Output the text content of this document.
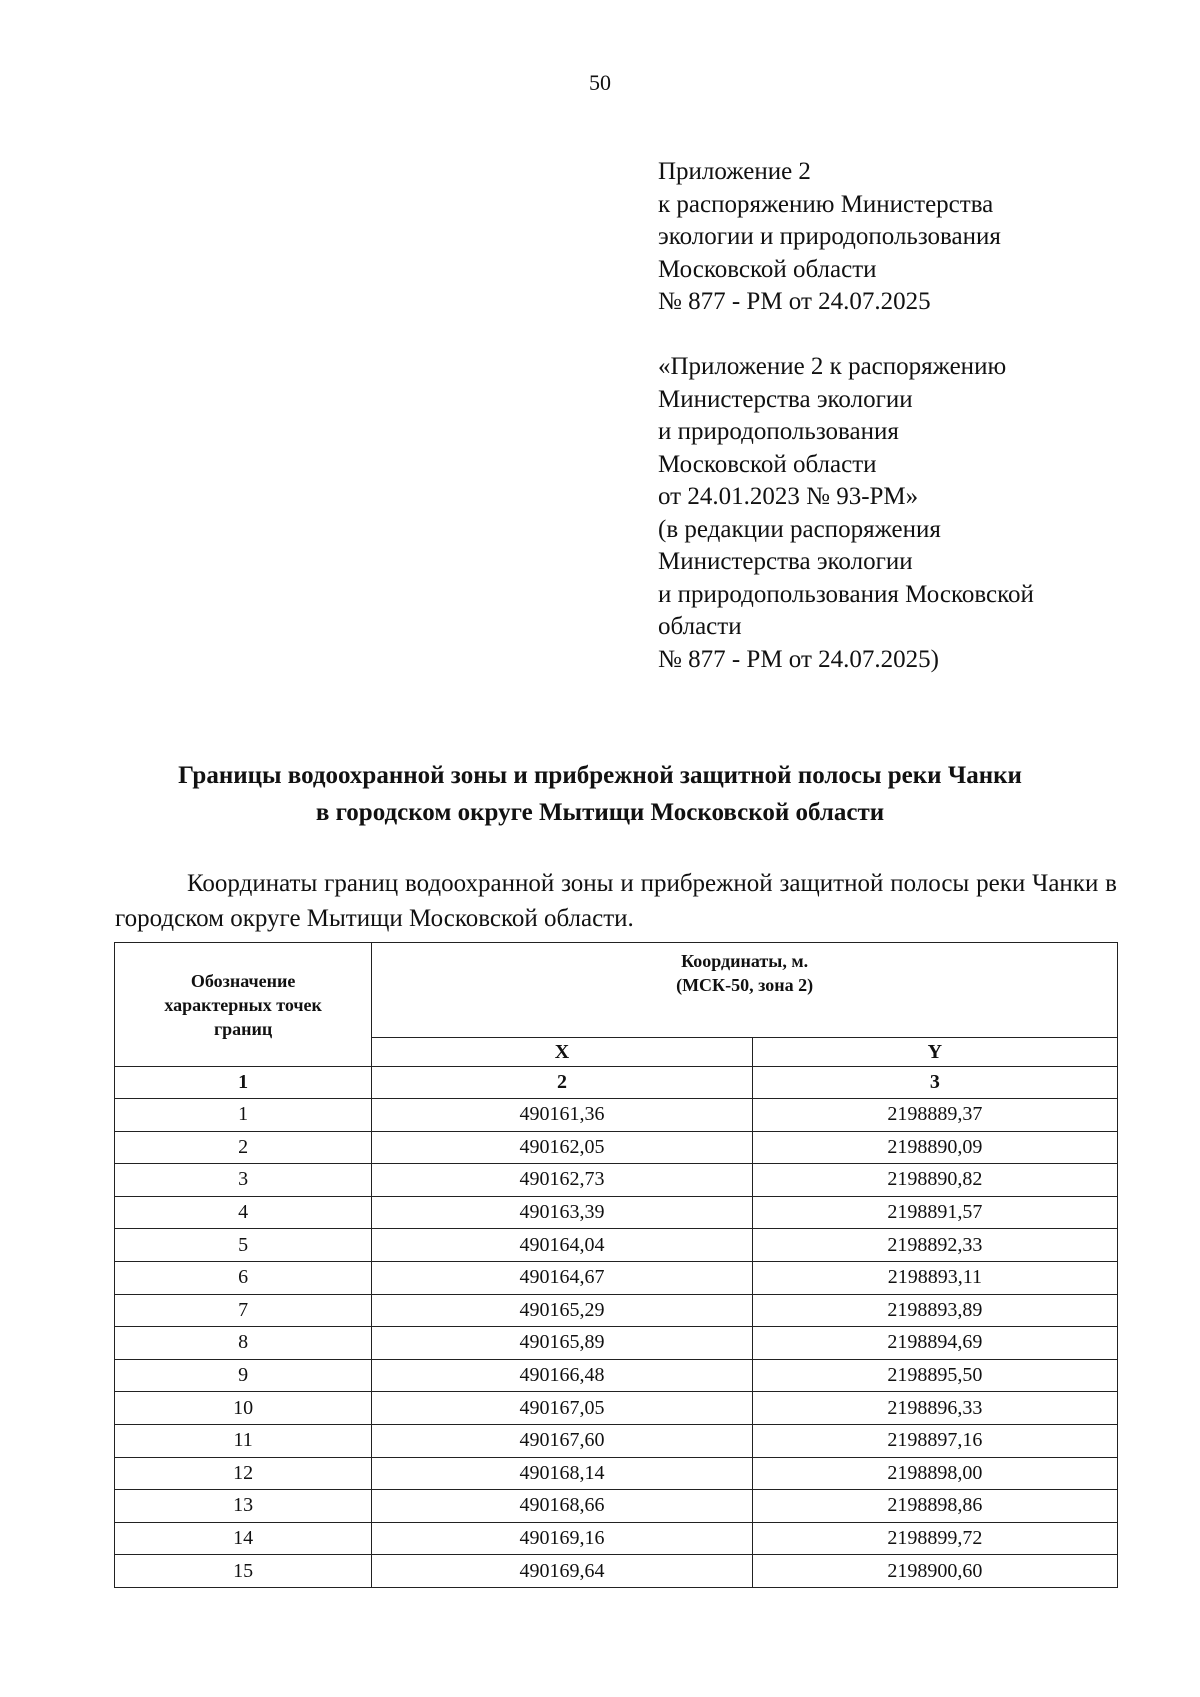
50
Приложение 2
к распоряжению Министерства
экологии и природопользования
Московской области
№ 877 - РМ от 24.07.2025
«Приложение 2 к распоряжению
Министерства экологии
и природопользования
Московской области
от 24.01.2023 № 93-РМ»
(в редакции распоряжения
Министерства экологии
и природопользования Московской
области
№ 877 - РМ от 24.07.2025)
Границы водоохранной зоны и прибрежной защитной полосы реки Чанки
в городском округе Мытищи Московской области
Координаты границ водоохранной зоны и прибрежной защитной полосы реки Чанки в городском округе Мытищи Московской области.
Обозначение
характерных точек
границ	Координаты, м.
(МСК-50, зона 2)	
	X	Y
1	2	3
1	490161,36	2198889,37
2	490162,05	2198890,09
3	490162,73	2198890,82
4	490163,39	2198891,57
5	490164,04	2198892,33
6	490164,67	2198893,11
7	490165,29	2198893,89
8	490165,89	2198894,69
9	490166,48	2198895,50
10	490167,05	2198896,33
11	490167,60	2198897,16
12	490168,14	2198898,00
13	490168,66	2198898,86
14	490169,16	2198899,72
15	490169,64	2198900,60
